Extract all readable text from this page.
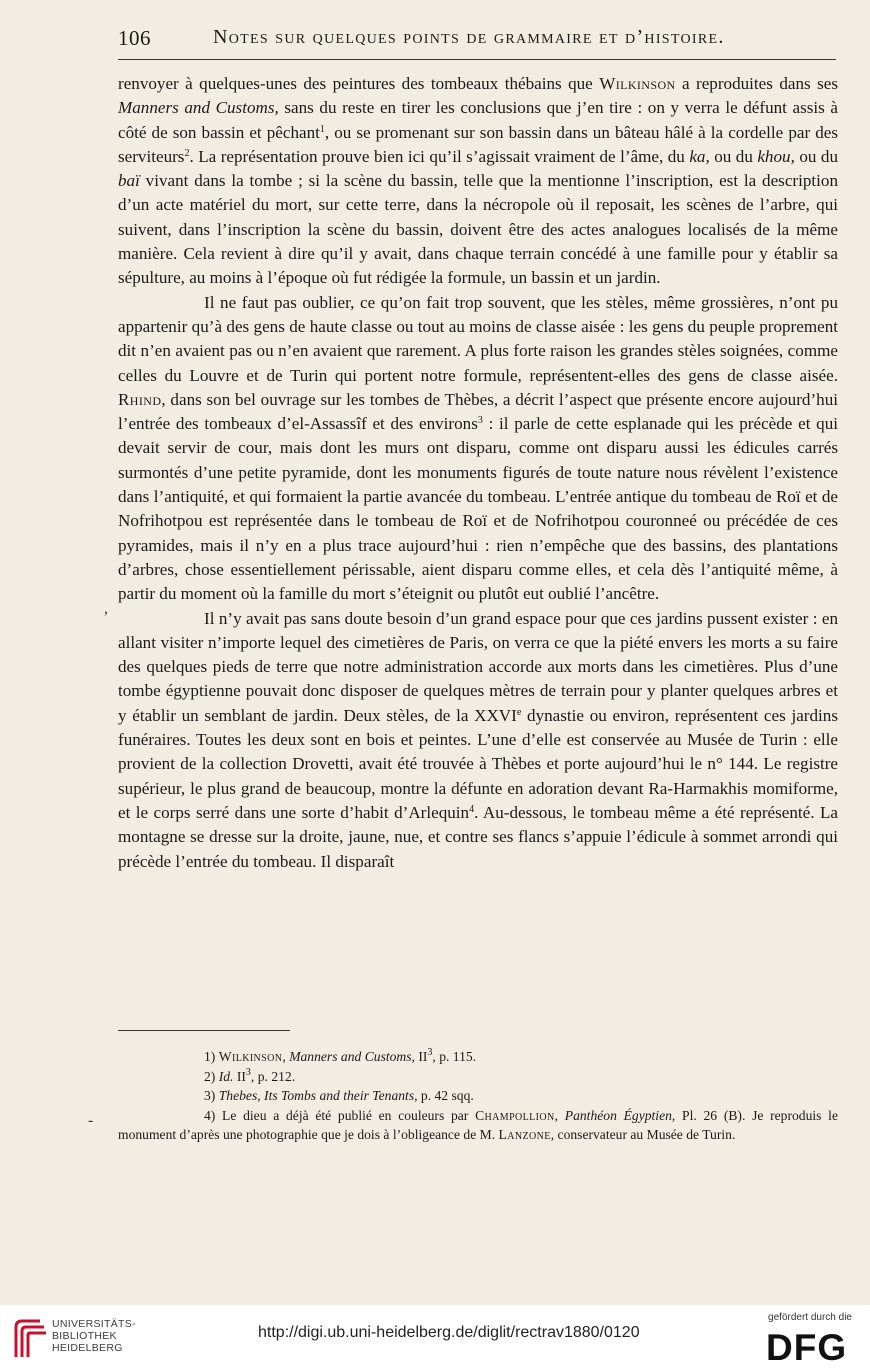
106	Notes sur quelques points de grammaire et d’histoire.

renvoyer à quelques-unes des peintures des tombeaux thébains que Wilkinson a reproduites dans ses Manners and Customs, sans du reste en tirer les conclusions que j’en tire : on y verra le défunt assis à côté de son bassin et pêchant$^1$, ou se promenant sur son bassin dans un bâteau hâlé à la cordelle par des serviteurs$^2$. La représentation prouve bien ici qu’il s’agissait vraiment de l’âme, du ka, ou du khou, ou du baï vivant dans la tombe ; si la scène du bassin, telle que la mentionne l’inscription, est la description d’un acte matériel du mort, sur cette terre, dans la nécropole où il reposait, les scènes de l’arbre, qui suivent, dans l’inscription la scène du bassin, doivent être des actes analogues localisés de la même manière. Cela revient à dire qu’il y avait, dans chaque terrain concédé à une famille pour y établir sa sépulture, au moins à l’époque où fut rédigée la formule, un bassin et un jardin.

Il ne faut pas oublier, ce qu’on fait trop souvent, que les stèles, même grossières, n’ont pu appartenir qu’à des gens de haute classe ou tout au moins de classe aisée : les gens du peuple proprement dit n’en avaient pas ou n’en avaient que rarement. A plus forte raison les grandes stèles soignées, comme celles du Louvre et de Turin qui portent notre formule, représentent-elles des gens de classe aisée. Rhind, dans son bel ouvrage sur les tombes de Thèbes, a décrit l’aspect que présente encore aujourd’hui l’entrée des tombeaux d’el-Assassîf et des environs$^3$ : il parle de cette esplanade qui les précède et qui devait servir de cour, mais dont les murs ont disparu, comme ont disparu aussi les édicules carrés surmontés d’une petite pyramide, dont les monuments figurés de toute nature nous révèlent l’existence dans l’antiquité, et qui formaient la partie avancée du tombeau. L’entrée antique du tombeau de Roï et de Nofrihotpou est représentée dans le tombeau de Roï et de Nofrihotpou couronneé ou précédée de ces pyramides, mais il n’y en a plus trace aujourd’hui : rien n’empêche que des bassins, des plantations d’arbres, chose essentiellement périssable, aient disparu comme elles, et cela dès l’antiquité même, à partir du moment où la famille du mort s’éteignit ou plutôt eut oublié l’ancêtre.

Il n’y avait pas sans doute besoin d’un grand espace pour que ces jardins pussent exister : en allant visiter n’importe lequel des cimetières de Paris, on verra ce que la piété envers les morts a su faire des quelques pieds de terre que notre administration accorde aux morts dans les cimetières. Plus d’une tombe égyptienne pouvait donc disposer de quelques mètres de terrain pour y planter quelques arbres et y établir un semblant de jardin. Deux stèles, de la XXVIe dynastie ou environ, représentent ces jardins funéraires. Toutes les deux sont en bois et peintes. L’une d’elle est conservée au Musée de Turin : elle provient de la collection Drovetti, avait été trouvée à Thèbes et porte aujourd’hui le n° 144. Le registre supérieur, le plus grand de beaucoup, montre la défunte en adoration devant Ra-Harmakhis momiforme, et le corps serré dans une sorte d’habit d’Arlequin$^4$. Au-dessous, le tombeau même a été représenté. La montagne se dresse sur la droite, jaune, nue, et contre ses flancs s’appuie l’édicule à sommet arrondi qui précède l’entrée du tombeau. Il disparaît

1) Wilkinson, Manners and Customs, $II^3$, p. 115.

2) Id. $II^3$, p. 212.

3) Thebes, Its Tombs and their Tenants, p. 42 sqq.

4) Le dieu a déjà été publié en couleurs par Champollion, Panthéon Égyptien, Pl. 26 (B). Je reproduis le monument d’après une photographie que je dois à l’obligeance de M. Lanzone, conservateur au Musée de Turin.

,
-
UNIVERSITÄTS-
BIBLIOTHEK
HEIDELBERG
http://digi.ub.uni-heidelberg.de/diglit/rectrav1880/0120
gefördert durch die
DFG
